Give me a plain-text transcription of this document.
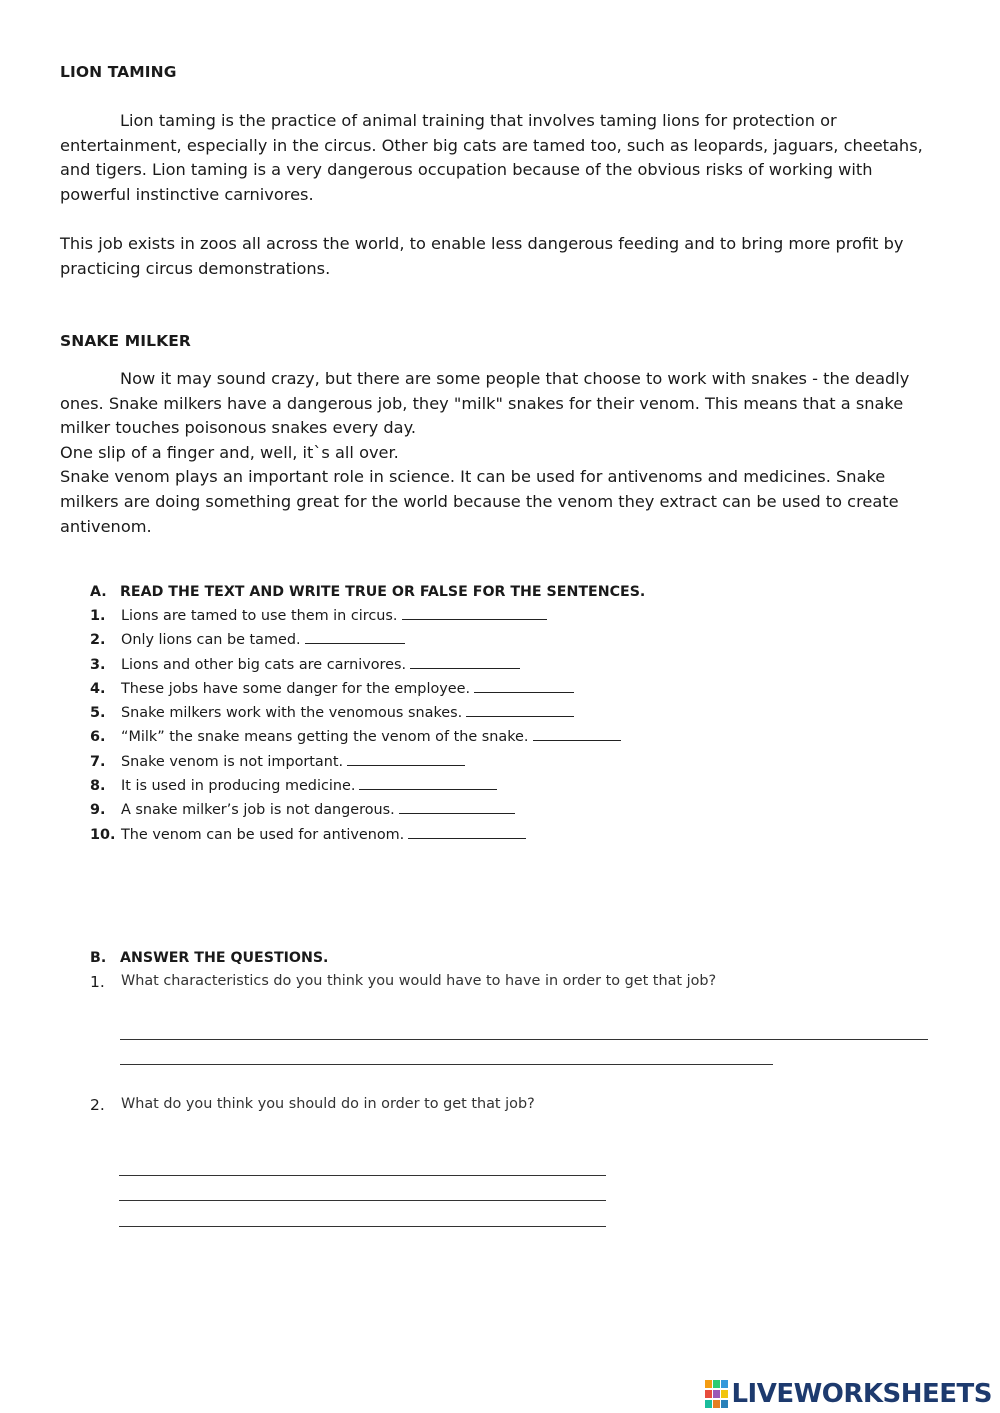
LION TAMING

Lion taming is the practice of animal training that involves taming lions for protection or entertainment, especially in the circus. Other big cats are tamed too, such as leopards, jaguars, cheetahs, and tigers. Lion taming is a very dangerous occupation because of the obvious risks of working with powerful instinctive carnivores.

This job exists in zoos all across the world, to enable less dangerous feeding and to bring more profit by practicing circus demonstrations.

SNAKE MILKER

Now it may sound crazy, but there are some people that choose to work with snakes - the deadly ones. Snake milkers have a dangerous job, they "milk" snakes for their venom. This means that a snake milker touches poisonous snakes every day.

One slip of a finger and, well, it`s all over.

Snake venom plays an important role in science. It can be used for antivenoms and medicines. Snake milkers are doing something great for the world because the venom they extract can be used to create antivenom.

A. READ THE TEXT AND WRITE TRUE OR FALSE FOR THE SENTENCES.
1. Lions are tamed to use them in circus.
2. Only lions can be tamed.
3. Lions and other big cats are carnivores.
4. These jobs have some danger for the employee.
5. Snake milkers work with the venomous snakes.
6. “Milk” the snake means getting the venom of the snake.
7. Snake venom is not important.
8. It is used in producing medicine.
9. A snake milker’s job is not dangerous.
10. The venom can be used for antivenom.
B. ANSWER THE QUESTIONS.
1. What characteristics do you think you would have to have in order to get that job?
2. What do you think you should do in order to get that job?
LIVEWORKSHEETS
